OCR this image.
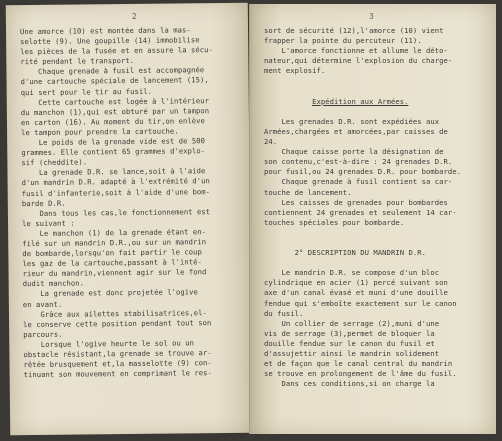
2
Une amorce (10) est montée dans la mas-
selotte (9). Une goupille (14) immobilise
les pièces de la fusée et en assure la sécu-
rité pendant le transport.
Chaque grenade à fusil est accompagnée
d'une cartouche spéciale de lancement (15),
qui sert pour le tir au fusil.
Cette cartouche est logée à l'intérieur
du manchon (1),qui est obturé par un tampon
en carton (16). Au moment du tir,on enlève
le tampon pour prendre la cartouche.
Le poids de la grenade vide est de 500
grammes. Elle contient 65 grammes d'explo-
sif (cheddite).
La grenade D.R. se lance,soit à l'aide
d'un mandrin D.R. adapté à l'extrémité d'un
fusil d'infanterie,soit à l'aide d'une bom-
barde D.R.
Dans tous les cas,le fonctionnement est
le suivant :
Le manchon (1) de la grenade étant en-
filé sur un mandrin D.R.,ou sur un mandrin
de bombarde,lorsqu'on fait partir le coup
les gaz de la cartouche,passant à l'inté-
rieur du mandrin,viennent agir sur le fond
dudit manchon.
La grenade est donc projetée l'ogive
en avant.
Grâce aux ailettes stabilisatrices,el-
le conserve cette position pendant tout son
parcours.
Lorsque l'ogive heurte le sol ou un
obstacle résistant,la grenade se trouve ar-
rêtée brusquement et,la masselotte (9) con-
tinuant son mouvement en comprimant le res-
3
sort de sécurité (12),l'amorce (10) vient
frapper la pointe du percuteur (11).
L'amorce fonctionne et allume le déto-
nateur,qui détermine l'explosion du charge-
ment explosif.
Expédition aux Armées.
Les grenades D.R. sont expédiées aux
Armées,chargées et amorcées,par caisses de
24.
Chaque caisse porte la désignation de
son contenu,c'est-à-dire : 24 grenades D.R.
pour fusil,ou 24 grenades D.R. pour bombarde.
Chaque grenade à fusil contient sa car-
touche de lancement.
Les caisses de grenades pour bombardes
contiennent 24 grenades et seulement 14 car-
touches spéciales pour bombarde.
2° DESCRIPTION DU MANDRIN D.R.
Le mandrin D.R. se compose d'un bloc
cylindrique en acier (1) percé suivant son
axe d'un canal évasé et muni d'une douille
fendue qui s'emboîte exactement sur le canon
du fusil.
Un collier de serrage (2),muni d'une
vis de serrage (3),permet de bloquer la
douille fendue sur le canon du fusil et
d'assujettir ainsi le mandrin solidement
et de façon que le canal central du mandrin
se trouve en prolongement de l'âme du fusil.
Dans ces conditions,si on charge la
